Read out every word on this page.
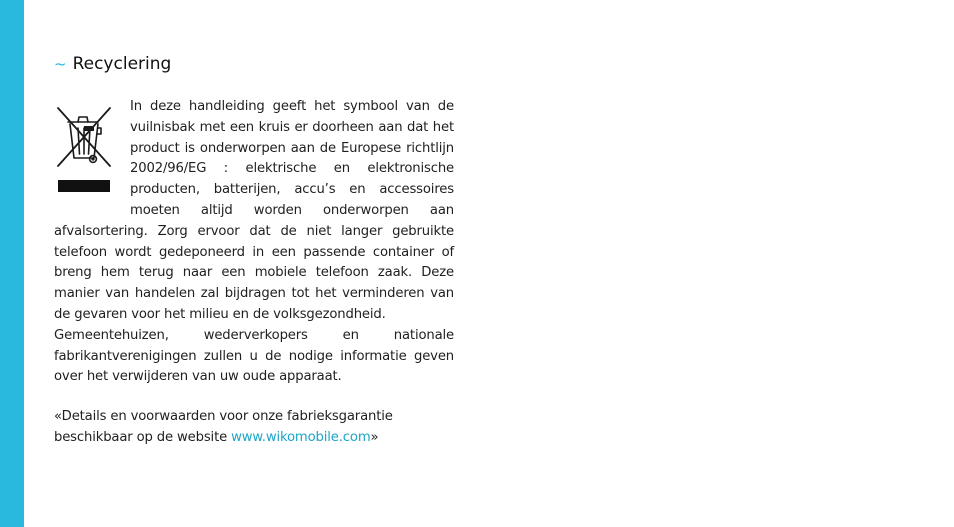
~ Recyclering

In deze handleiding geeft het symbool van de vuilnisbak met een kruis er doorheen aan dat het product is onderworpen aan de Europese richtlijn 2002/96/EG : elektrische en elektronische producten, batterijen, accu’s en accessoires moeten altijd worden onderworpen aan afvalsortering. Zorg ervoor dat de niet langer gebruikte telefoon wordt gedeponeerd in een passende container of breng hem terug naar een mobiele telefoon zaak. Deze manier van handelen zal bijdragen tot het verminderen van de gevaren voor het milieu en de volksgezondheid.

Gemeentehuizen, wederverkopers en nationale fabrikantverenigingen zullen u de nodige informatie geven over het verwijderen van uw oude apparaat.

«Details en voorwaarden voor onze fabrieksgarantie

beschikbaar op de website www.wikomobile.com»
